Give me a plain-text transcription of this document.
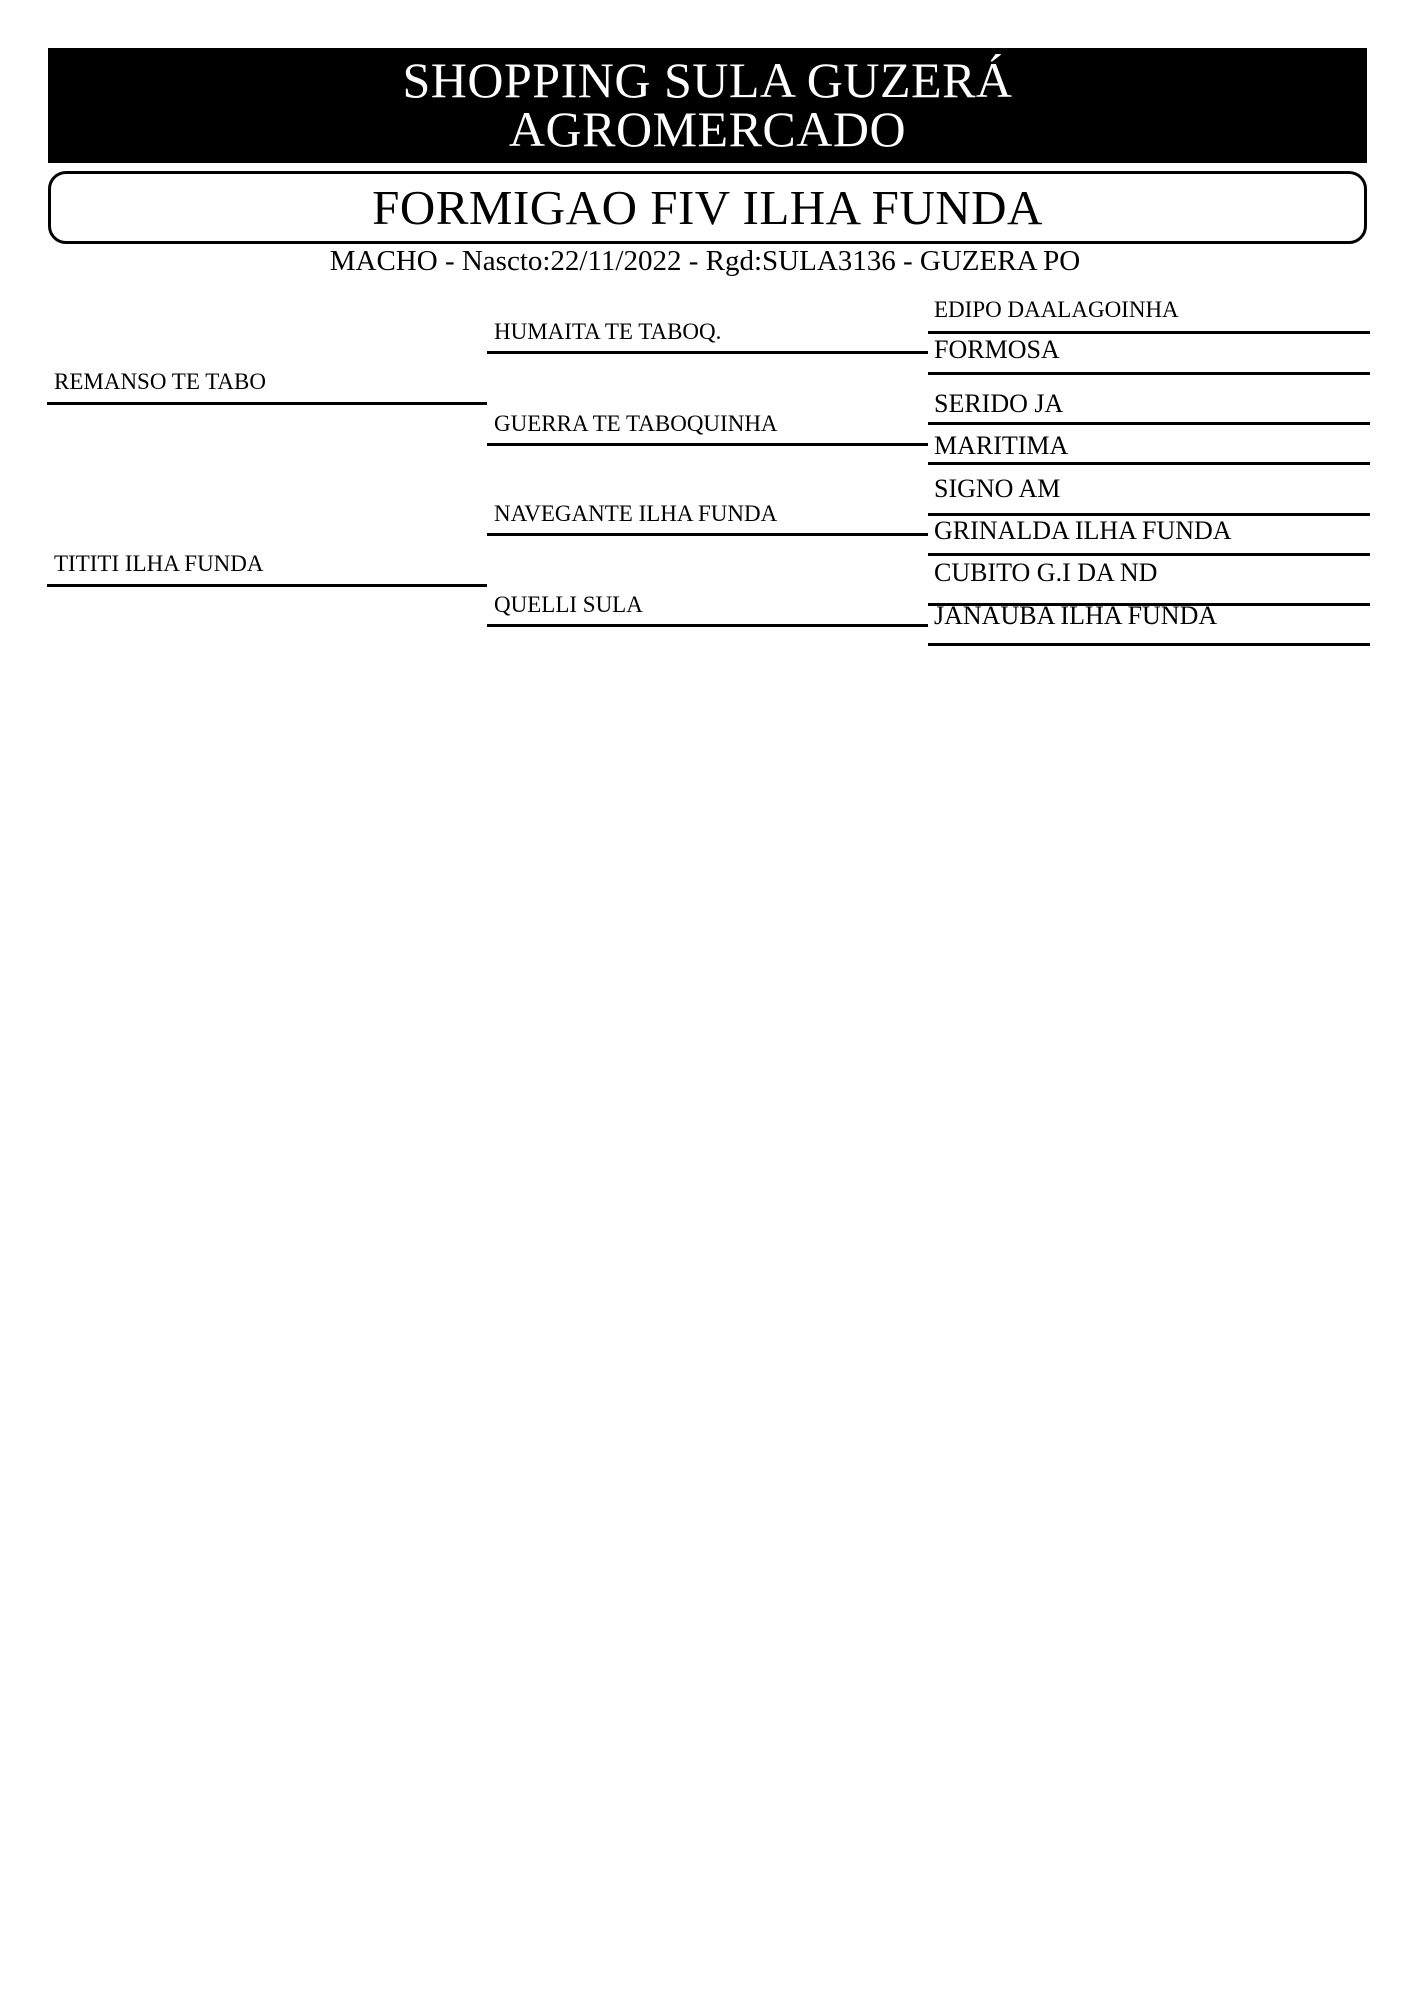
SHOPPING SULA GUZERÁ
AGROMERCADO
FORMIGAO FIV ILHA FUNDA
MACHO - Nascto:22/11/2022 - Rgd:SULA3136 - GUZERA PO
REMANSO TE TABO
TITITI ILHA FUNDA
HUMAITA TE TABOQ.
GUERRA TE TABOQUINHA
NAVEGANTE ILHA FUNDA
QUELLI SULA
EDIPO DAALAGOINHA
FORMOSA
SERIDO JA
MARITIMA
SIGNO AM
GRINALDA ILHA FUNDA
CUBITO G.I DA ND
JANAUBA ILHA FUNDA
